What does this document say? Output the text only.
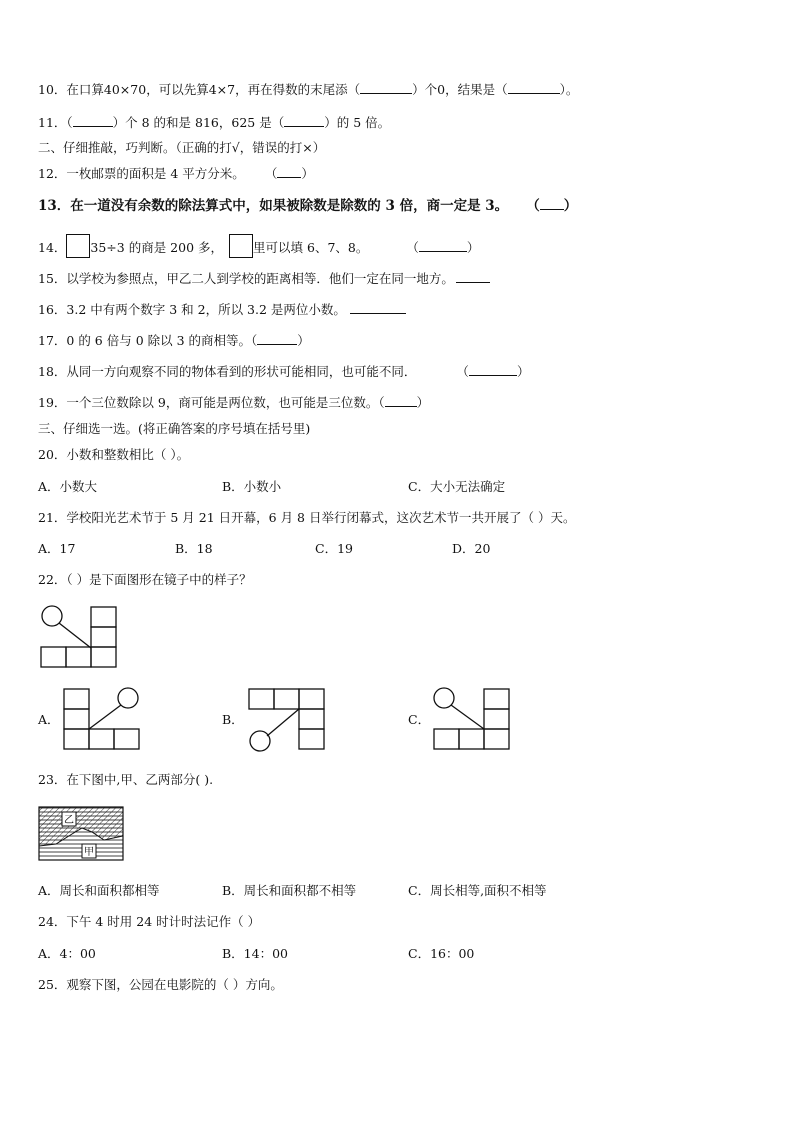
10．在口算40×70，可以先算4×7，再在得数的末尾添（	）个0，结果是（	）。
11．（	）个 8 的和是 816，625 是（	）的 5 倍。
二、仔细推敲，巧判断。（正确的打√，错误的打×）
12．一枚邮票的面积是 4 平方分米。 （ ）
13．在一道没有余数的除法算式中，如果被除数是除数的 3 倍，商一定是 3。 （ ）
14． 35÷3 的商是 200 多， 里可以填 6、7、8。	（	）
15．以学校为参照点，甲乙二人到学校的距离相等．他们一定在同一地方。
16．3.2 中有两个数字 3 和 2，所以 3.2 是两位小数。
17．0 的 6 倍与 0 除以 3 的商相等。（	）
18．从同一方向观察不同的物体看到的形状可能相同，也可能不同．	（	）
19．一个三位数除以 9，商可能是两位数，也可能是三位数。（	）
三、仔细选一选。(将正确答案的序号填在括号里)
20．小数和整数相比（ ）。
A．小数大	B．小数小	C．大小无法确定
21．学校阳光艺术节于 5 月 21 日开幕，6 月 8 日举行闭幕式，这次艺术节一共开展了（ ）天。
A．17	B．18	C．19	D．20
22．（ ）是下面图形在镜子中的样子？
A．	B．	C．
23．在下图中,甲、乙两部分( ).
乙
甲
A．周长和面积都相等	B．周长和面积都不相等	C．周长相等,面积不相等
24．下午 4 时用 24 时计时法记作（ ）
A．4：00	B．14：00	C．16：00
25．观察下图，公园在电影院的（ ）方向。
